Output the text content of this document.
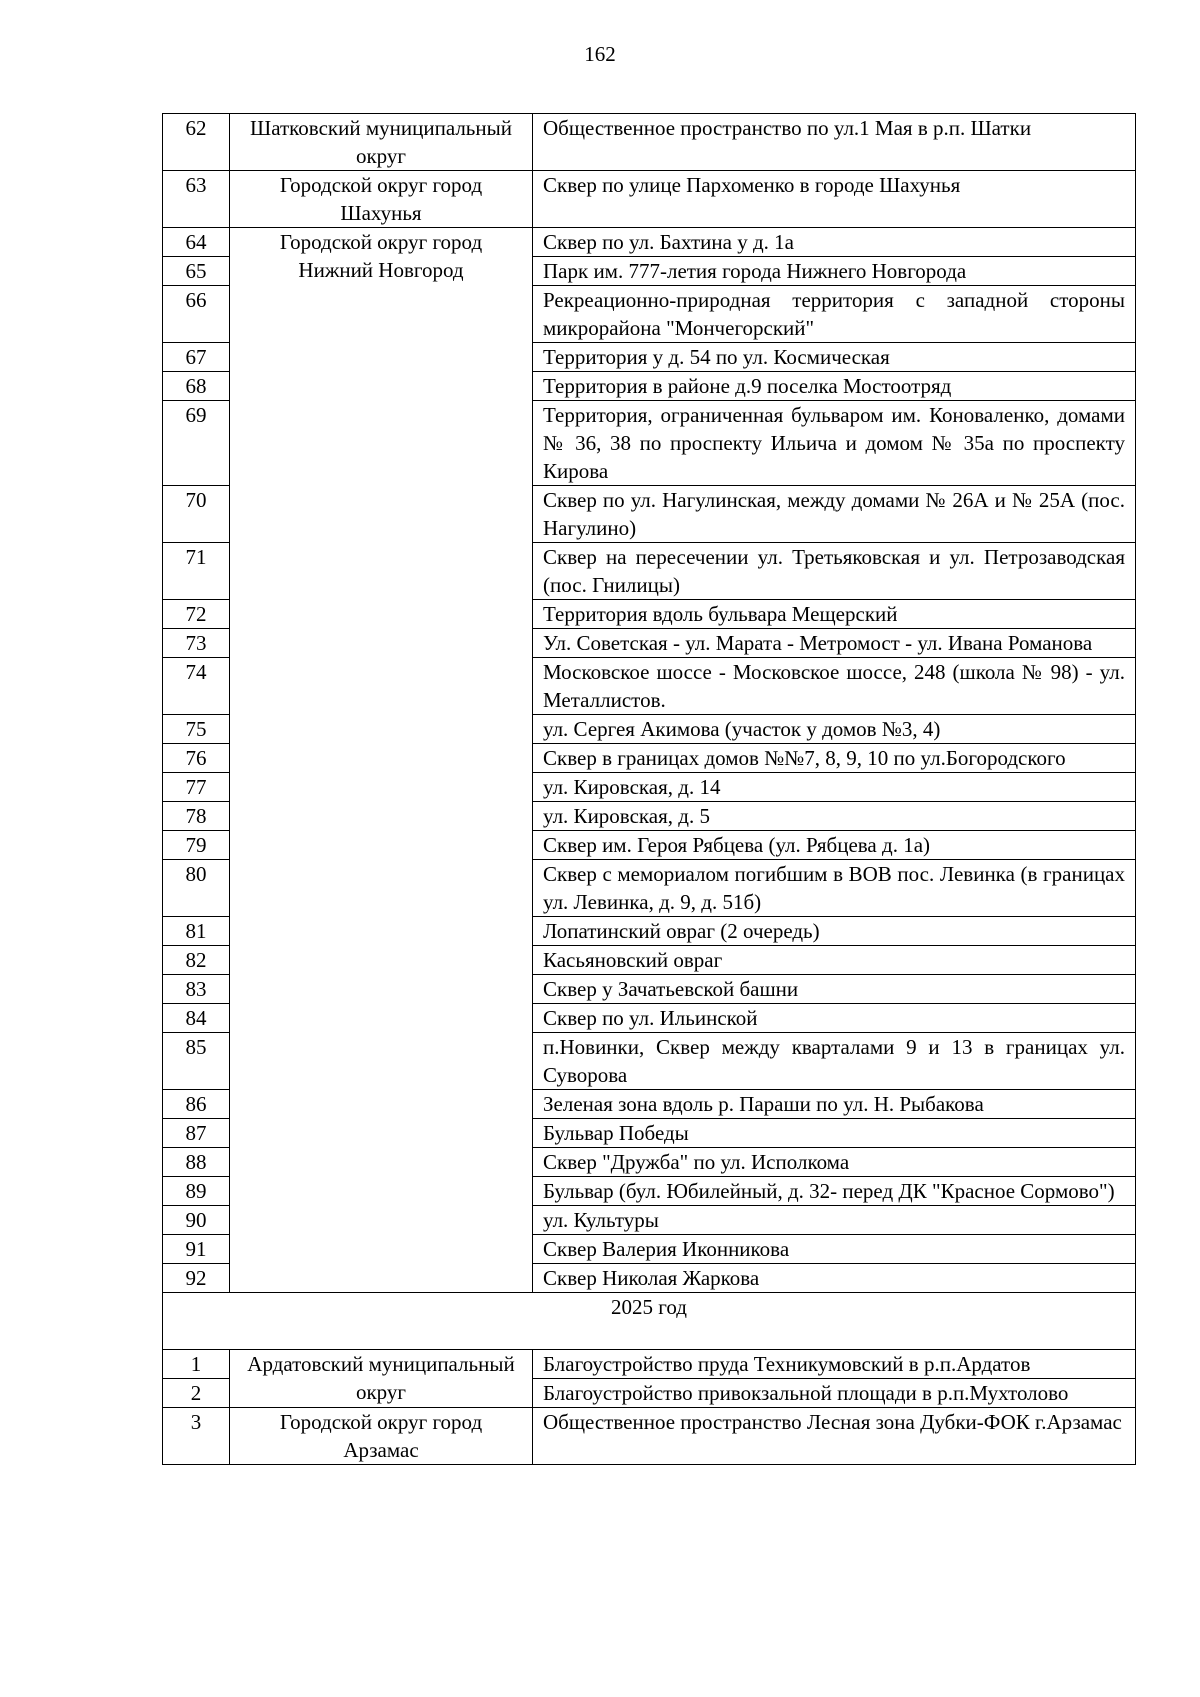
162
62	Шатковский муниципальный округ	Общественное пространство по ул.1 Мая в р.п. Шатки
63	Городской округ город Шахунья	Сквер по улице Пархоменко в городе Шахунья
64	Городской округ город Нижний Новгород	Сквер по ул. Бахтина у д. 1а
65		Парк им. 777-летия города Нижнего Новгорода
66		Рекреационно-природная территория с западной стороны микрорайона "Мончегорский"
67		Территория у д. 54 по ул. Космическая
68		Территория в районе д.9 поселка Мостоотряд
69		Территория, ограниченная бульваром им. Коноваленко, домами № 36, 38 по проспекту Ильича и домом № 35а по проспекту Кирова
70		Сквер по ул. Нагулинская, между домами № 26А и № 25А (пос. Нагулино)
71		Сквер на пересечении ул. Третьяковская и ул. Петрозаводская (пос. Гнилицы)
72		Территория вдоль бульвара Мещерский
73		Ул. Советская - ул. Марата - Метромост - ул. Ивана Романова
74		Московское шоссе - Московское шоссе, 248 (школа № 98) - ул. Металлистов.
75		ул. Сергея Акимова (участок у домов №3, 4)
76		Сквер в границах домов №№7, 8, 9, 10 по ул.Богородского
77		ул. Кировская, д. 14
78		ул. Кировская, д. 5
79		Сквер им. Героя Рябцева (ул. Рябцева д. 1а)
80		Сквер с мемориалом погибшим в ВОВ пос. Левинка (в границах ул. Левинка, д. 9, д. 51б)
81		Лопатинский овраг (2 очередь)
82		Касьяновский овраг
83		Сквер у Зачатьевской башни
84		Сквер по ул. Ильинской
85		п.Новинки, Сквер между кварталами 9 и 13 в границах ул. Суворова
86		Зеленая зона вдоль р. Параши по ул. Н. Рыбакова
87		Бульвар Победы
88		Сквер "Дружба" по ул. Исполкома
89		Бульвар (бул. Юбилейный, д. 32- перед ДК "Красное Сормово")
90		ул. Культуры
91		Сквер Валерия Иконникова
92		Сквер Николая Жаркова
2025 год		
1	Ардатовский муниципальный округ	Благоустройство пруда Техникумовский в р.п.Ардатов
2		Благоустройство привокзальной площади в р.п.Мухтолово
3	Городской округ город Арзамас	Общественное пространство Лесная зона Дубки-ФОК г.Арзамас
